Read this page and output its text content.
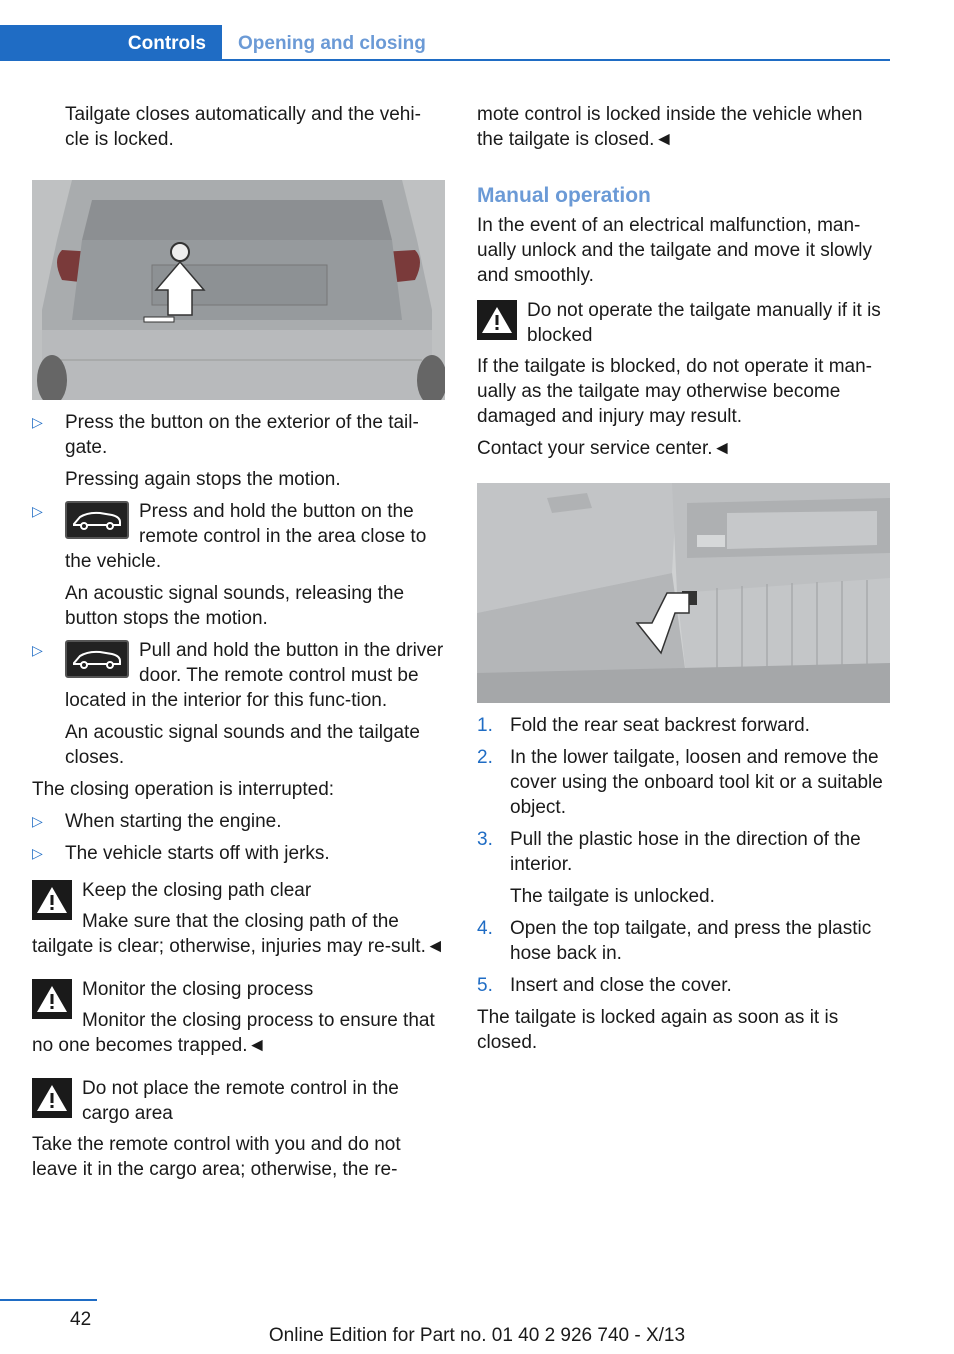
Controls Opening and closing

Tailgate closes automatically and the vehi-cle is locked.

▷	Press the button on the exterior of the tail-gate.

Pressing again stops the motion.

▷	Press and hold the button on the remote control in the area close to the vehicle.

An acoustic signal sounds, releasing the button stops the motion.

▷	Pull and hold the button in the driver door. The remote control must be located in the interior for this func-tion.

An acoustic signal sounds and the tailgate closes.

The closing operation is interrupted:

▷	When starting the engine.

▷	The vehicle starts off with jerks.

Keep the closing path clear

Make sure that the closing path of the tailgate is clear; otherwise, injuries may re-sult.◄

Monitor the closing process

Monitor the closing process to ensure that no one becomes trapped.◄

Do not place the remote control in the cargo area

Take the remote control with you and do not leave it in the cargo area; otherwise, the re-

mote control is locked inside the vehicle when the tailgate is closed.◄

Manual operation

In the event of an electrical malfunction, man-ually unlock and the tailgate and move it slowly and smoothly.

Do not operate the tailgate manually if it is blocked

If the tailgate is blocked, do not operate it man-ually as the tailgate may otherwise become damaged and injury may result.

Contact your service center.◄

1. Fold the rear seat backrest forward.

2. In the lower tailgate, loosen and remove the cover using the onboard tool kit or a suitable object.

3. Pull the plastic hose in the direction of the interior.

The tailgate is unlocked.

4. Open the top tailgate, and press the plastic hose back in.

5. Insert and close the cover.

The tailgate is locked again as soon as it is closed.

42
Online Edition for Part no. 01 40 2 926 740 - X/13
